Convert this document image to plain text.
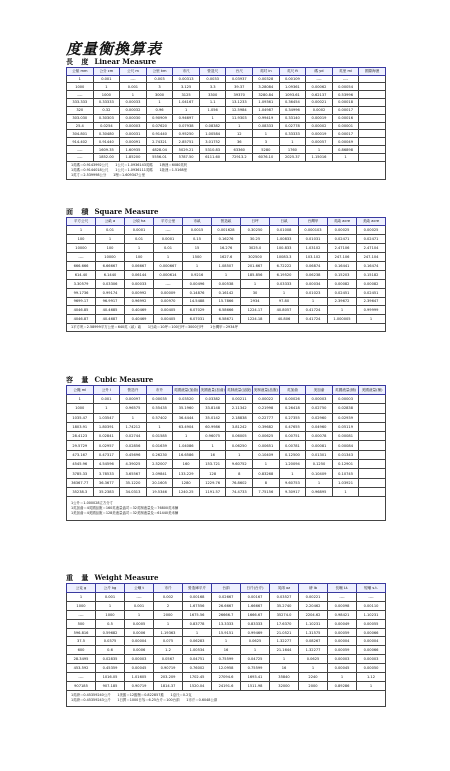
度量衡換算表
長 度 Linear Measure
公厘 mm	公分 cm	公尺 m	公里 km	市尺	營造尺	台尺	英吋 in	英尺 ft	碼 yd	英里 mi	國際海浬
1	0.001	----	0.003	0.00313	0.0033	0.03937	0.00328	0.00109	----	----	
1000	1	0.001	3	3.125	3.3	39.37	3.28084	1.09361	0.00062	0.00054	
----	1000	1	3000	3125	3300	39370	3280.84	1093.61	0.62137	0.53996	
333.333	0.33333	0.00033	1	1.04167	1.1	13.1233	1.09361	0.36454	0.00021	0.00018	
320	0.32	0.00032	0.96	1	1.056	12.5984	1.04987	0.34996	0.0002	0.00017	
303.030	0.30303	0.00030	0.90909	0.94697	1	11.9303	0.99419	0.33140	0.00019	0.00016	
25.4	0.0254	0.00003	0.07620	0.07938	0.08382	1	0.08333	0.02778	0.00002	0.00001	
304.801	0.30480	0.00031	0.91440	0.95250	1.00584	12	1	0.33333	0.00019	0.00017	
914.402	0.91440	0.00091	2.74321	2.85751	3.01752	36	3	1	0.00057	0.00049	
----	1609.35	1.60935	4828.04	5029.21	5310.83	63360	5280	1760	1	0.86898	
----	1852.00	1.85200	5556.01	5787.50	6111.60	72913.2	6076.10	2025.37	1.15016	1	
1英碼＝0.9143992公尺　　1公尺＝1.0936143英碼　　1海浬＝6080英呎
1英碼＝0.9144018公尺　　1公尺＝1.0936111英碼　　1陸浬＝1.5168里
1英寸＝2.539998公分　　1哩＝1.609347公里
面 積 Square Measure
平方公尺	公畝 a	公頃 ha	平方公里	市畝	營造畝	日坪	日畝	台灣甲	英畝 acre	美畝 acre
1	0.01	0.0001	----	0.0015	0.001628	0.30250	0.01008	0.000103	0.00025	0.00025
100	1	0.01	0.0001	0.15	0.16276	30.25	1.00833	0.01031	0.02471	0.02471
10000	100	1	0.01	15	16.276	3025.0	100.833	1.03102	2.47106	2.47104
----	10000	100	1	1500	1627.6	302500	10083.3	103.102	247.106	247.104
666.666	6.66667	0.06667	0.000667	1	1.08507	201.667	6.72222	0.06874	0.16441	0.16474
614.40	6.1440	0.06144	0.000614	0.9216	1	185.856	6.19520	0.06238	0.15203	0.15182
3.30579	0.03306	0.00033	----	0.00496	0.00538	1	0.03333	0.00034	0.00082	0.00082
99.1736	0.99174	0.00992	0.00009	0.14876	0.16142	30	1	0.01023	0.02451	0.02451
9699.17	96.9917	0.96992	0.00970	14.5488	15.7866	2934	97.80	1	2.39672	2.39647
4046.85	40.4685	0.40469	0.00405	6.07029	6.58666	1224.17	40.8057	0.41724	1	0.99999
4046.87	40.4687	0.40469	0.00405	6.07031	6.58671	1224.18	40.806	0.41724	1.000005	1
1平方呎＝2.58999平方公里＝640英（畝）畝　　1日畝＝10坪＝100日坪＝3000日坪　　1台灣甲＝2934坪
容 量 Cubic Measure
公撮 ml	公升 l	營造升	市升	英國液量(加侖)	美國液量(加侖)	英制液量(品脫)	美制液量(品脫)	英加侖	美加侖	英國液量(桶)	美國液量(桶)
1	0.001	0.00097	0.00035	0.03520	0.03382	0.00211	0.00022	0.00026	0.00003	0.00003	
1000	1	0.96575	0.55435	35.1960	33.8148	2.11342	0.21998	0.26418	0.02750	0.02838	
1035.47	1.03547	1	0.57402	36.4444	35.0142	2.18838	0.22777	0.27355	0.02960	0.02939	
1803.91	1.80391	1.74212	1	63.4904	60.9986	3.81242	0.39682	0.47655	0.04960	0.05119	
28.4123	0.02841	0.02744	0.01585	1	0.96075	0.06005	0.00625	0.00751	0.00078	0.00081	
29.5729	0.02957	0.02856	0.01639	1.04086	1	0.06250	0.00651	0.00781	0.00081	0.00084	
473.167	0.47317	0.45696	0.26230	16.6586	16	1	0.10409	0.12500	0.01301	0.01343	
4545.96	4.54596	4.39025	2.52007	160	153.721	9.60752	1	1.20094	0.1250	0.12901	
3785.33	3.78533	3.65567	2.09841	133.229	128	8	0.83268	1	0.10409	0.10745	
36367.77	36.3677	35.1220	20.1605	1280	1229.76	76.8602	8	9.60753	1	1.03921	
35238.3	35.2383	34.0313	19.5346	1240.25	1191.57	74.4733	7.75156	9.30917	0.96895	1	
1公升＝1.000028立方分寸
1英加侖＝4英國品脫＝160英液量盎司＝32英制液量及＝76800英米爾
1美加侖＝4美國品脫＝128美液量盎司＝32美制液量及＝61440美米爾
重 量 Weight Measure
公克 g	公斤 kg	公噸 t	市斤	營造庫平斤	台兩	日斤(台斤)	英兩 oz	磅 lb	長噸 Lt.	短噸 s.t.
1	0.001	----	0.002	0.00168	0.02667	0.00167	0.03527	0.00221	----	----
1000	1	0.001	2	1.67556	26.6667	1.66667	35.2740	2.20462	0.00098	0.00110
----	1000	1	2000	1675.56	26666.7	1666.67	35274.0	2204.62	0.98421	1.10231
500	0.5	0.0005	1	0.83778	13.3333	0.83333	17.6370	1.10231	0.00049	0.00055
596.816	0.59682	0.0006	1.19363	1	15.9151	0.99469	21.0521	1.31575	0.00059	0.00066
37.5	0.0375	0.00004	0.075	0.06283	1	0.0625	1.32277	0.08267	0.00004	0.00004
600	0.6	0.0006	1.2	1.00534	16	1	21.1644	1.32277	0.00059	0.00066
28.3495	0.02835	0.00003	0.0567	0.04751	0.75599	0.04725	1	0.0625	0.00003	0.00003
453.592	0.45359	0.00045	0.90719	0.76002	12.0958	0.75599	16	1	0.00045	0.00050
----	1016.05	1.01605	203.209	1702.45	27094.6	1693.41	35840	2240	1	1.12
907185	907.185	0.90719	1814.37	1520.04	24191.6	1511.98	32000	2000	0.89286	1
1英磅＝0.45359240公斤　　1美擔＝12擔衡＝0.822857擔　　1亞氏＝0.2克
1英磅＝0.45359243公斤　　1日貫＝1000日匁＝6.25台斤＝100台兩　　1市斤＝0.6048公兩
